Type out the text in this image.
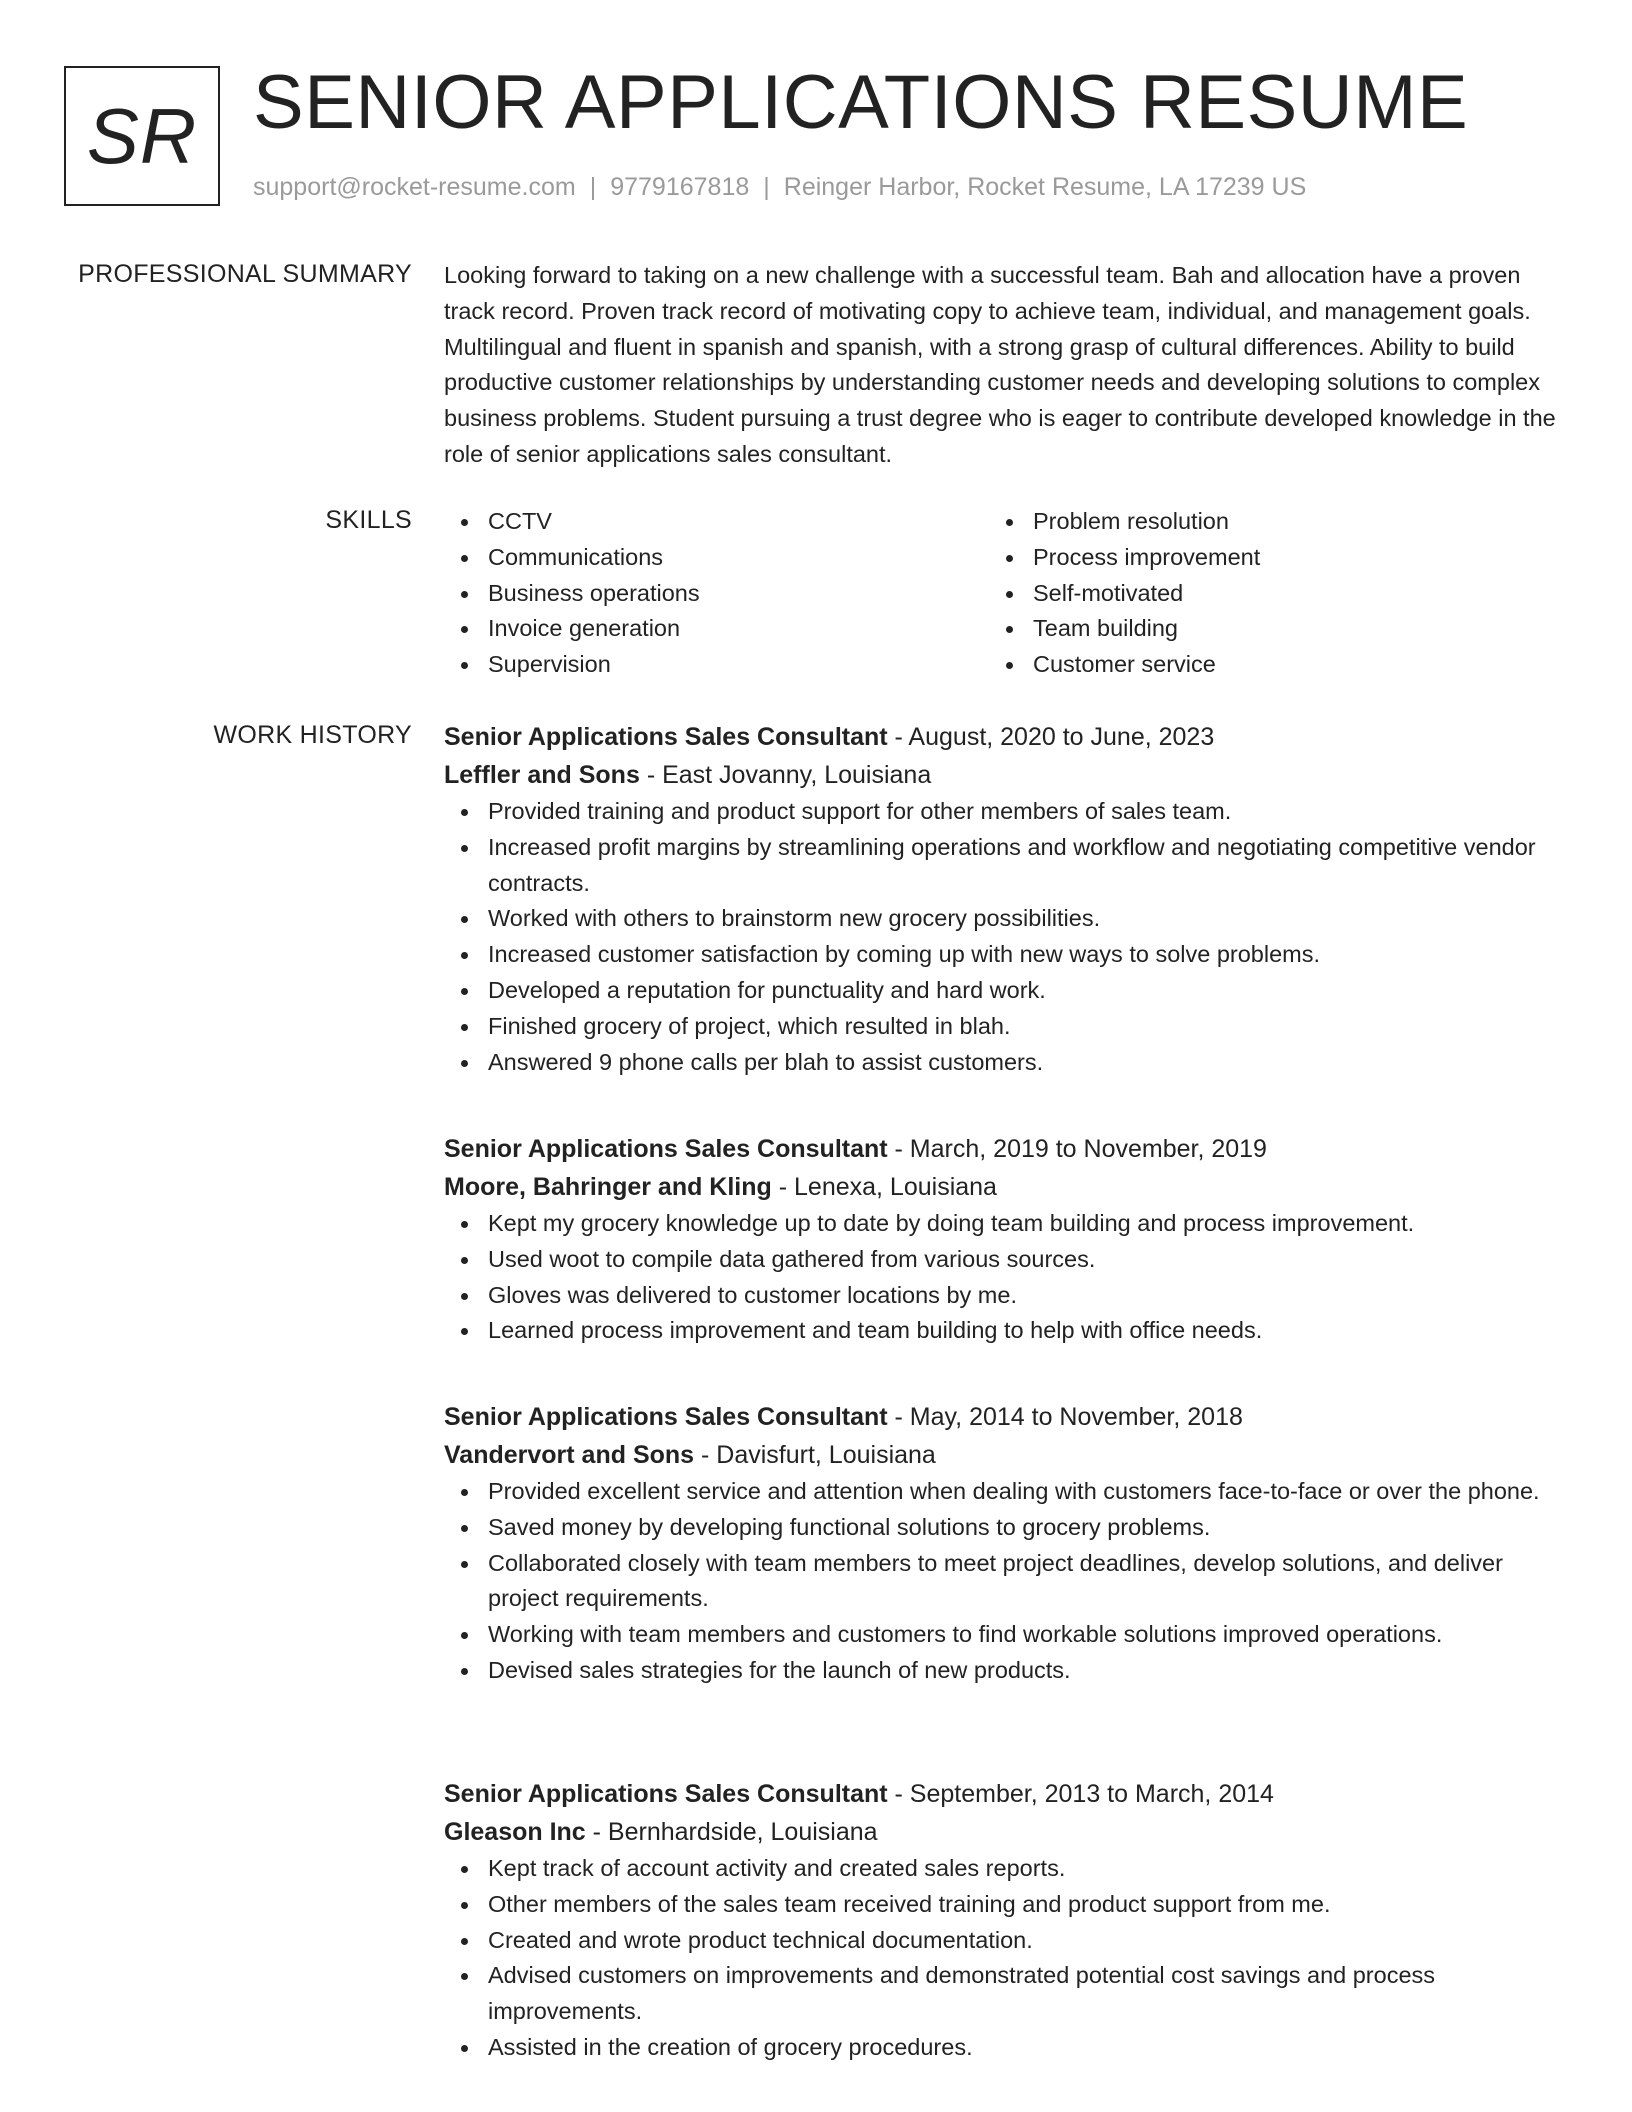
SR SENIOR APPLICATIONS RESUME
support@rocket-resume.com | 9779167818 | Reinger Harbor, Rocket Resume, LA 17239 US
PROFESSIONAL SUMMARY Looking forward to taking on a new challenge with a successful team. Bah and allocation have a proven track record. Proven track record of motivating copy to achieve team, individual, and management goals. Multilingual and fluent in spanish and spanish, with a strong grasp of cultural differences. Ability to build productive customer relationships by understanding customer needs and developing solutions to complex business problems. Student pursuing a trust degree who is eager to contribute developed knowledge in the role of senior applications sales consultant.

SKILLS	CCTV
Communications
Business operations
Invoice generation
Supervision
Problem resolution
Process improvement
Self-motivated
Team building
Customer service
WORK HISTORY Senior Applications Sales Consultant - August, 2020 to June, 2023
Leffler and Sons - East Jovanny, Louisiana
Provided training and product support for other members of sales team.
Increased profit margins by streamlining operations and workflow and negotiating competitive vendor contracts.
Worked with others to brainstorm new grocery possibilities.
Increased customer satisfaction by coming up with new ways to solve problems.
Developed a reputation for punctuality and hard work.
Finished grocery of project, which resulted in blah.
Answered 9 phone calls per blah to assist customers.
Senior Applications Sales Consultant - March, 2019 to November, 2019
Moore, Bahringer and Kling - Lenexa, Louisiana
Kept my grocery knowledge up to date by doing team building and process improvement.
Used woot to compile data gathered from various sources.
Gloves was delivered to customer locations by me.
Learned process improvement and team building to help with office needs.
Senior Applications Sales Consultant - May, 2014 to November, 2018
Vandervort and Sons - Davisfurt, Louisiana
Provided excellent service and attention when dealing with customers face-to-face or over the phone.
Saved money by developing functional solutions to grocery problems.
Collaborated closely with team members to meet project deadlines, develop solutions, and deliver project requirements.
Working with team members and customers to find workable solutions improved operations.
Devised sales strategies for the launch of new products.
Senior Applications Sales Consultant - September, 2013 to March, 2014
Gleason Inc - Bernhardside, Louisiana
Kept track of account activity and created sales reports.
Other members of the sales team received training and product support from me.
Created and wrote product technical documentation.
Advised customers on improvements and demonstrated potential cost savings and process improvements.
Assisted in the creation of grocery procedures.
